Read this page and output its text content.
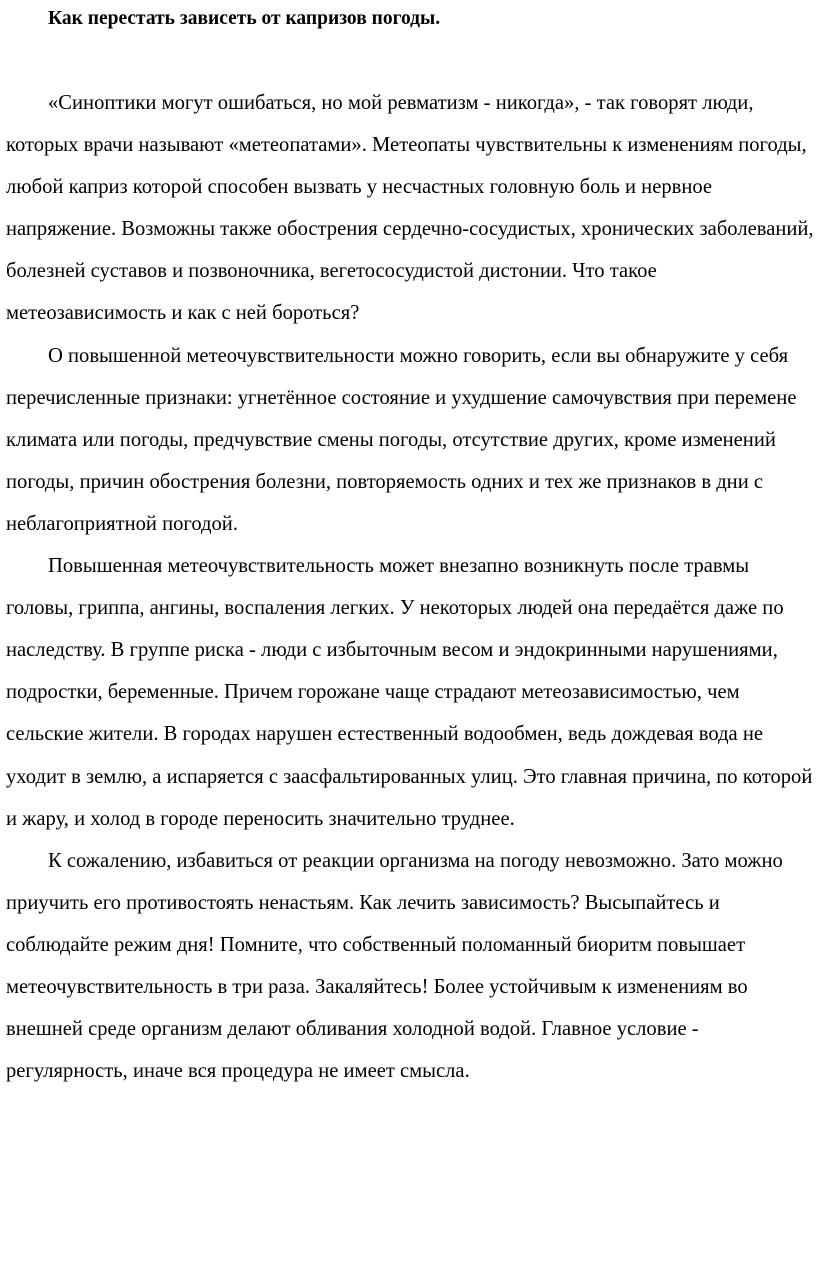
Как перестать зависеть от капризов погоды.

«Синоптики могут ошибаться, но мой ревматизм - никогда», - так говорят люди, которых врачи называют «метеопатами». Метеопаты чувствительны к изменениям погоды, любой каприз которой способен вызвать у несчастных головную боль и нервное напряжение. Возможны также обострения сердечно-сосудистых, хронических заболеваний, болезней суставов и позвоночника, вегетососудистой дистонии. Что такое метеозависимость и как с ней бороться?

О повышенной метеочувствительности можно говорить, если вы обнаружите у себя перечисленные признаки: угнетённое состояние и ухудшение самочувствия при перемене климата или погоды, предчувствие смены погоды, отсутствие других, кроме изменений погоды, причин обострения болезни, повторяемость одних и тех же признаков в дни с неблагоприятной погодой.

Повышенная метеочувствительность может внезапно возникнуть после травмы головы, гриппа, ангины, воспаления легких. У некоторых людей она передаётся даже по наследству. В группе риска - люди с избыточным весом и эндокринными нарушениями, подростки, беременные. Причем горожане чаще страдают метеозависимостью, чем сельские жители. В городах нарушен естественный водообмен, ведь дождевая вода не уходит в землю, а испаряется с заасфальтированных улиц. Это главная причина, по которой и жару, и холод в городе переносить значительно труднее.

К сожалению, избавиться от реакции организма на погоду невозможно. Зато можно приучить его противостоять ненастьям. Как лечить зависимость? Высыпайтесь и соблюдайте режим дня! Помните, что собственный поломанный биоритм повышает метеочувствительность в три раза. Закаляйтесь! Более устойчивым к изменениям во внешней среде организм делают обливания холодной водой. Главное условие - регулярность, иначе вся процедура не имеет смысла.
